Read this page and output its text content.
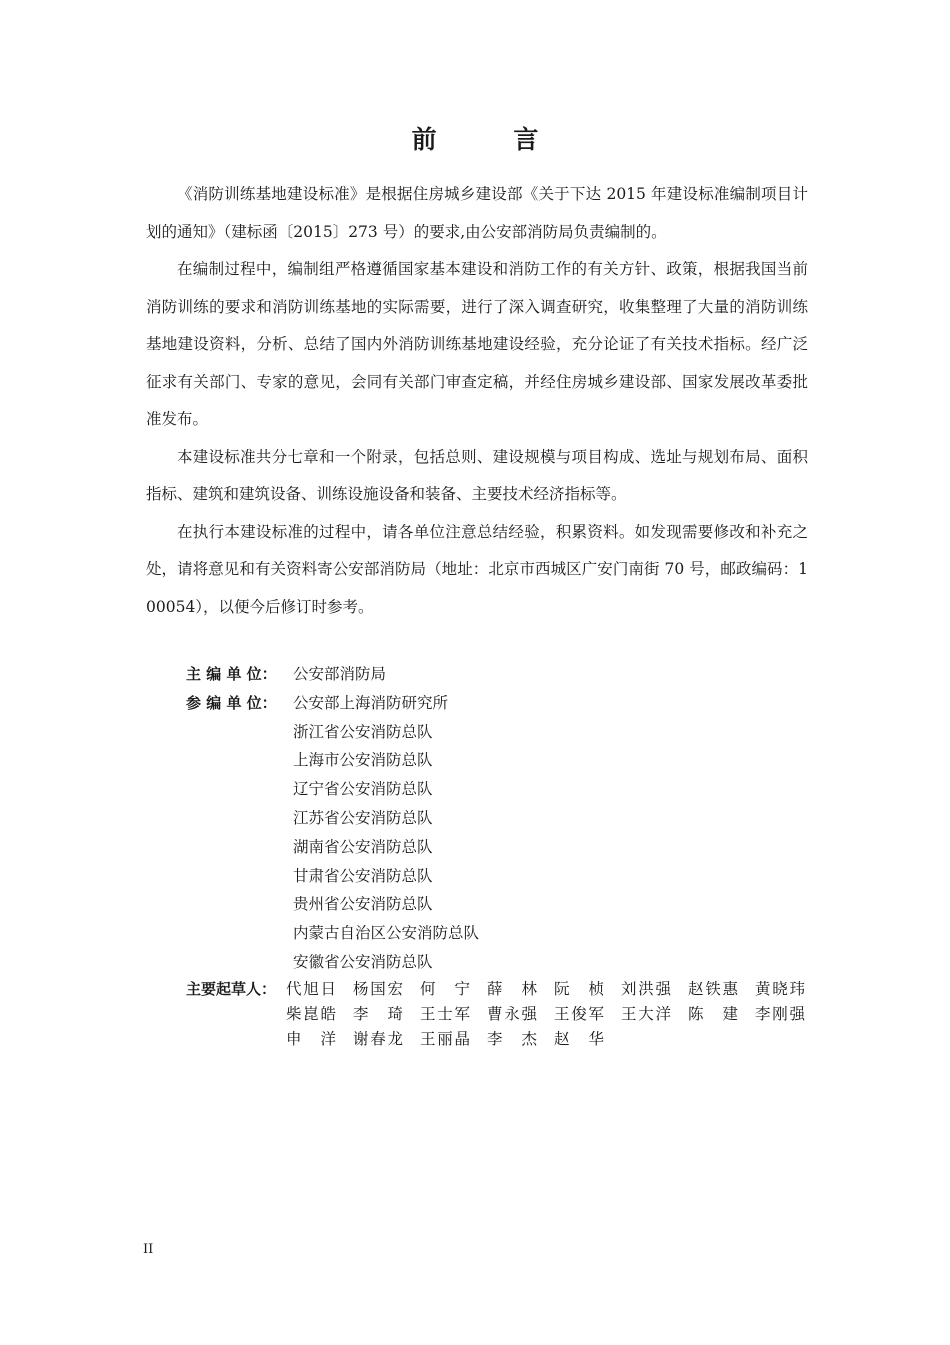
前 言

《消防训练基地建设标准》是根据住房城乡建设部《关于下达 2015 年建设标准编制项目计划的通知》（建标函〔2015〕273 号）的要求,由公安部消防局负责编制的。

在编制过程中，编制组严格遵循国家基本建设和消防工作的有关方针、政策，根据我国当前消防训练的要求和消防训练基地的实际需要，进行了深入调查研究，收集整理了大量的消防训练基地建设资料，分析、总结了国内外消防训练基地建设经验，充分论证了有关技术指标。经广泛征求有关部门、专家的意见，会同有关部门审查定稿，并经住房城乡建设部、国家发展改革委批准发布。

本建设标准共分七章和一个附录，包括总则、建设规模与项目构成、选址与规划布局、面积指标、建筑和建筑设备、训练设施设备和装备、主要技术经济指标等。

在执行本建设标准的过程中，请各单位注意总结经验，积累资料。如发现需要修改和补充之处，请将意见和有关资料寄公安部消防局（地址：北京市西城区广安门南街 70 号，邮政编码：100054），以便今后修订时参考。

主 编 单 位：	公安部消防局
参 编 单 位：	公安部上海消防研究所
浙江省公安消防总队
上海市公安消防总队
辽宁省公安消防总队
江苏省公安消防总队
湖南省公安消防总队
甘肃省公安消防总队
贵州省公安消防总队
内蒙古自治区公安消防总队
安徽省公安消防总队
主要起草人： 代旭日 杨国宏 何宁 薛林 阮桢 刘洪强 赵铁惠 黄晓玮
柴崑皓 李琦 王士军 曹永强 王俊军 王大洋 陈建 李刚强
申洋 谢春龙 王丽晶 李杰 赵华
II
